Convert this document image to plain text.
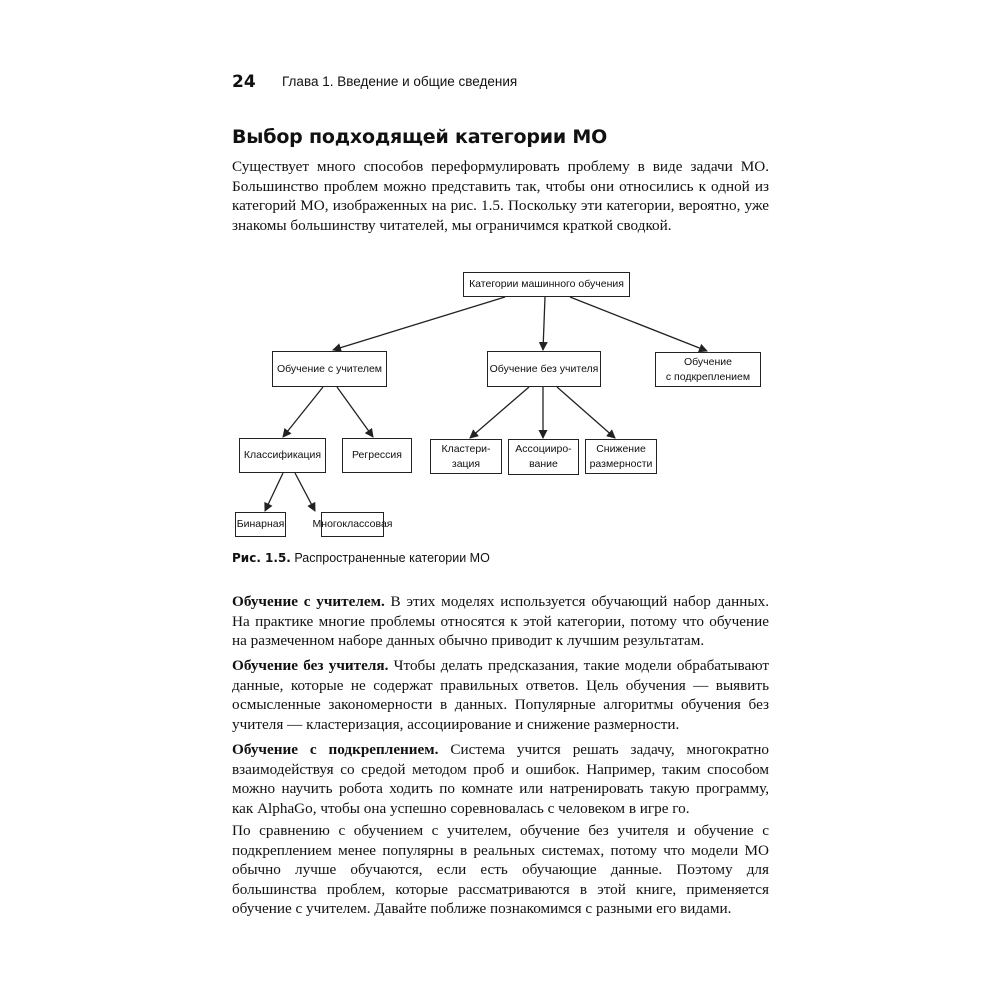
24 Глава 1. Введение и общие сведения
Выбор подходящей категории МО

Существует много способов переформулировать проблему в виде задачи МО. Большинство проблем можно представить так, чтобы они относились к одной из категорий МО, изображенных на рис. 1.5. Поскольку эти категории, вероятно, уже знакомы большинству читателей, мы ограничимся краткой сводкой.

Категории машинного обучения
Обучение с учителем	Обучение без учителя
Обучение
с подкреплением
Классификация	Регрессия
Кластери-
зация
Ассоцииро-
вание
Снижение
размерности
Бинарная	Многоклассовая
Рис. 1.5. Распространенные категории МО

Обучение с учителем. В этих моделях используется обучающий набор данных. На практике многие проблемы относятся к этой категории, потому что обучение на размеченном наборе данных обычно приводит к лучшим результатам.

Обучение без учителя. Чтобы делать предсказания, такие модели обрабатывают данные, которые не содержат правильных ответов. Цель обучения — выявить осмысленные закономерности в данных. Популярные алгоритмы обучения без учителя — кластеризация, ассоциирование и снижение размерности.

Обучение с подкреплением. Система учится решать задачу, многократно взаимодействуя со средой методом проб и ошибок. Например, таким способом можно научить робота ходить по комнате или натренировать такую программу, как AlphaGo, чтобы она успешно соревновалась с человеком в игре го.

По сравнению с обучением с учителем, обучение без учителя и обучение с подкреплением менее популярны в реальных системах, потому что модели МО обычно лучше обучаются, если есть обучающие данные. Поэтому для большинства проблем, которые рассматриваются в этой книге, применяется обучение с учителем. Давайте поближе познакомимся с разными его видами.
